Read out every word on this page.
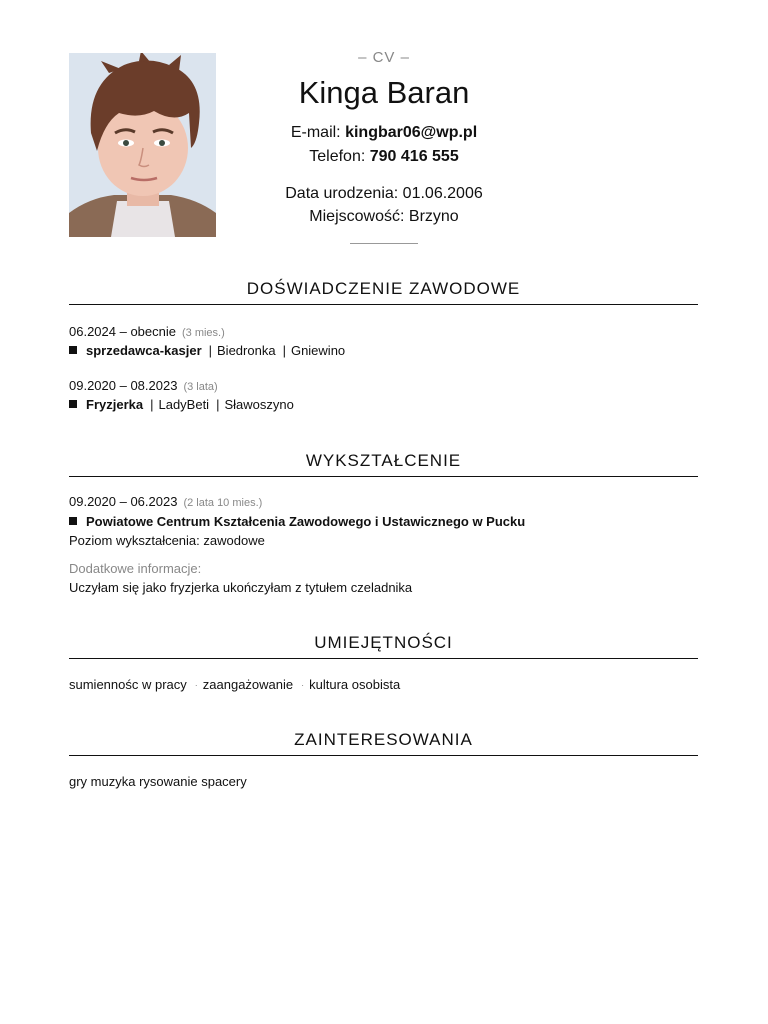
– CV –
Kinga Baran
E-mail: kingbar06@wp.pl
Telefon: 790 416 555
Data urodzenia: 01.06.2006
Miejscowość: Brzyno
DOŚWIADCZENIE ZAWODOWE
06.2024 – obecnie (3 mies.)
sprzedawca-kasjer | Biedronka | Gniewino
09.2020 – 08.2023 (3 lata)
Fryzjerka | LadyBeti | Sławoszyno
WYKSZTAŁCENIE
09.2020 – 06.2023 (2 lata 10 mies.)
Powiatowe Centrum Kształcenia Zawodowego i Ustawicznego w Pucku
Poziom wykształcenia: zawodowe
Dodatkowe informacje:
Uczyłam się jako fryzjerka ukończyłam z tytułem czeladnika
UMIEJĘTNOŚCI
sumiennośc w pracy · zaangażowanie · kultura osobista
ZAINTERESOWANIA
gry muzyka rysowanie spacery
